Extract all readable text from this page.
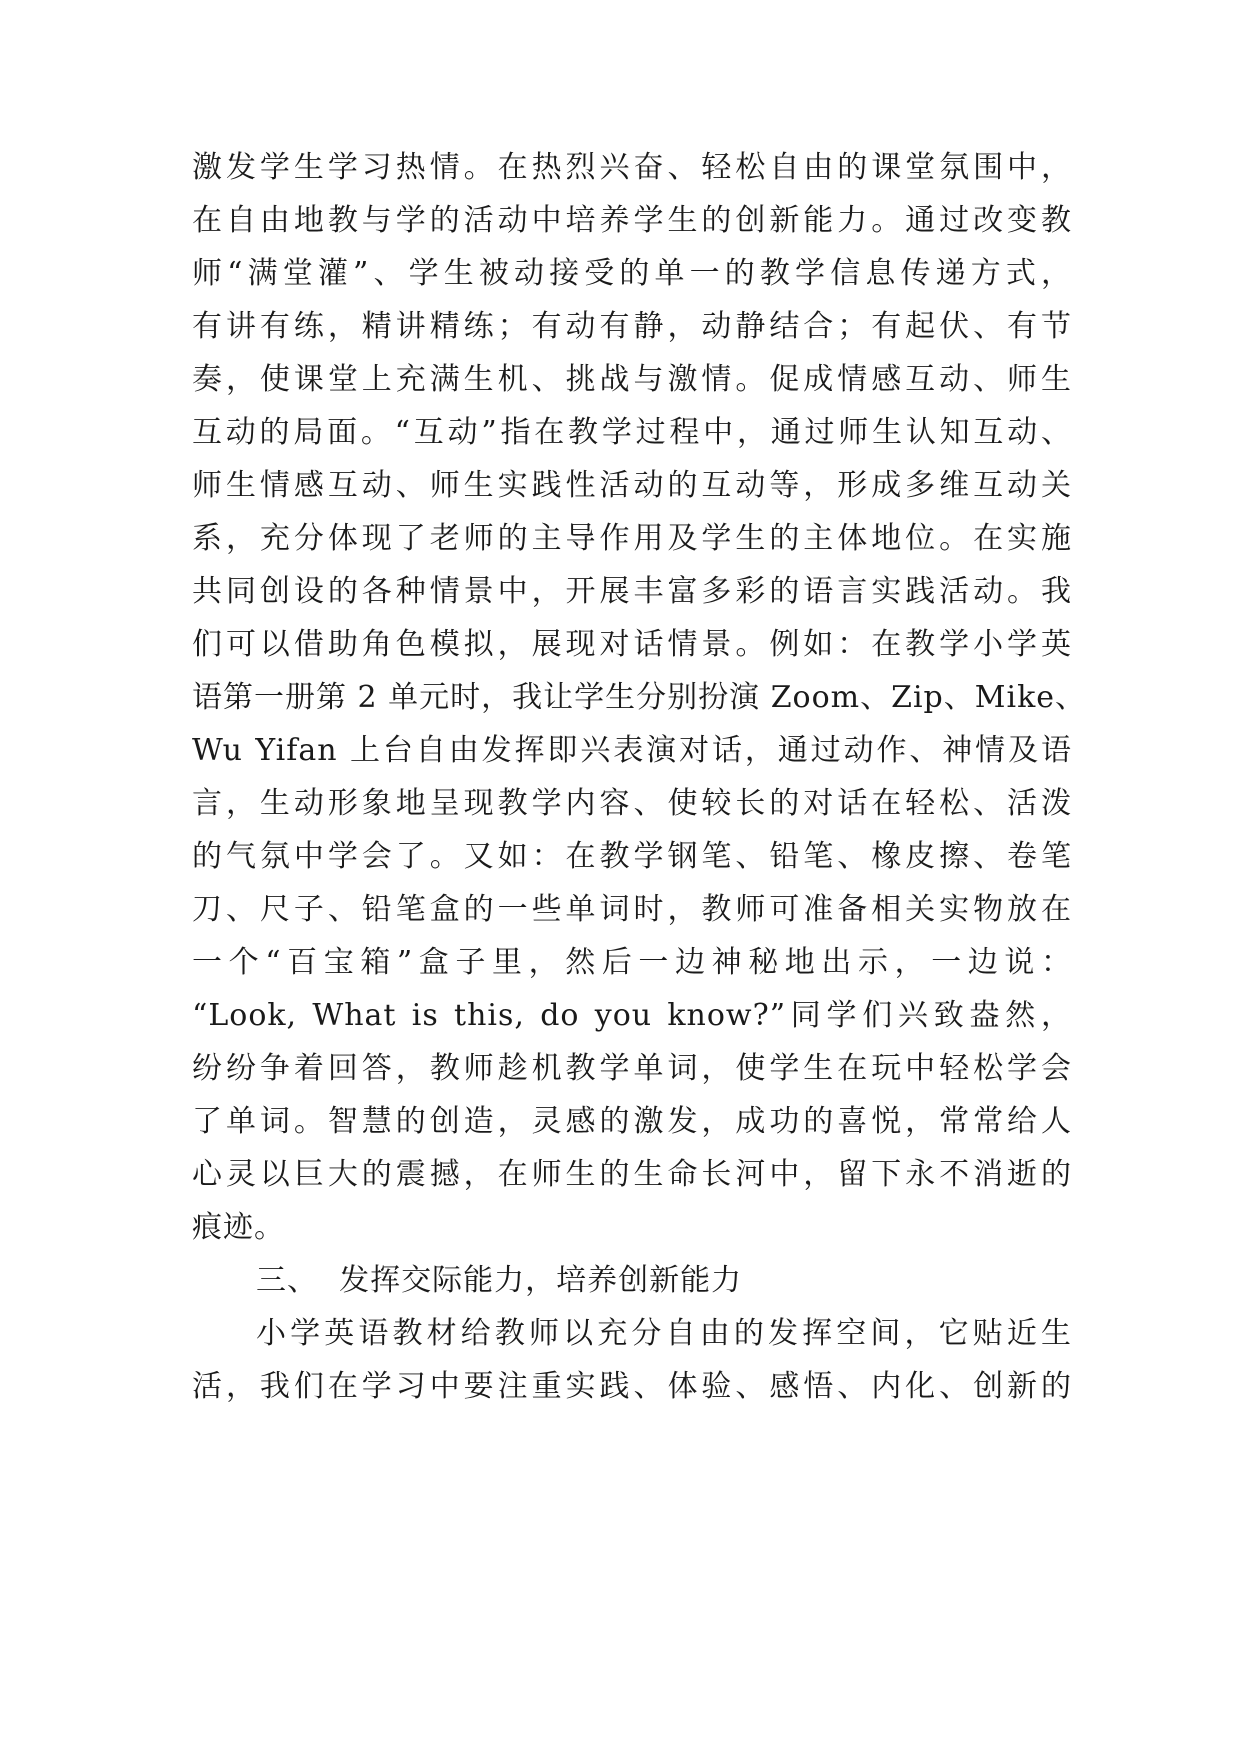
激发学生学习热情。在热烈兴奋、轻松自由的课堂氛围中，
在自由地教与学的活动中培养学生的创新能力。通过改变教
师“满堂灌”、学生被动接受的单一的教学信息传递方式，
有讲有练，精讲精练；有动有静，动静结合；有起伏、有节
奏，使课堂上充满生机、挑战与激情。促成情感互动、师生
互动的局面。“互动”指在教学过程中，通过师生认知互动、
师生情感互动、师生实践性活动的互动等，形成多维互动关
系，充分体现了老师的主导作用及学生的主体地位。在实施
共同创设的各种情景中，开展丰富多彩的语言实践活动。我
们可以借助角色模拟，展现对话情景。例如：在教学小学英
语第一册第 2 单元时，我让学生分别扮演 Zoom、Zip、Mike、
Wu Yifan 上台自由发挥即兴表演对话，通过动作、神情及语
言，生动形象地呈现教学内容、使较长的对话在轻松、活泼
的气氛中学会了。又如：在教学钢笔、铅笔、橡皮擦、卷笔
刀、尺子、铅笔盒的一些单词时，教师可准备相关实物放在
一个“百宝箱”盒子里，然后一边神秘地出示，一边说：
“Look, What is this, do you know?”同学们兴致盎然，
纷纷争着回答，教师趁机教学单词，使学生在玩中轻松学会
了单词。智慧的创造，灵感的激发，成功的喜悦，常常给人
心灵以巨大的震撼，在师生的生命长河中，留下永不消逝的
痕迹。
三、  发挥交际能力，培养创新能力
小学英语教材给教师以充分自由的发挥空间，它贴近生
活，我们在学习中要注重实践、体验、感悟、内化、创新的
